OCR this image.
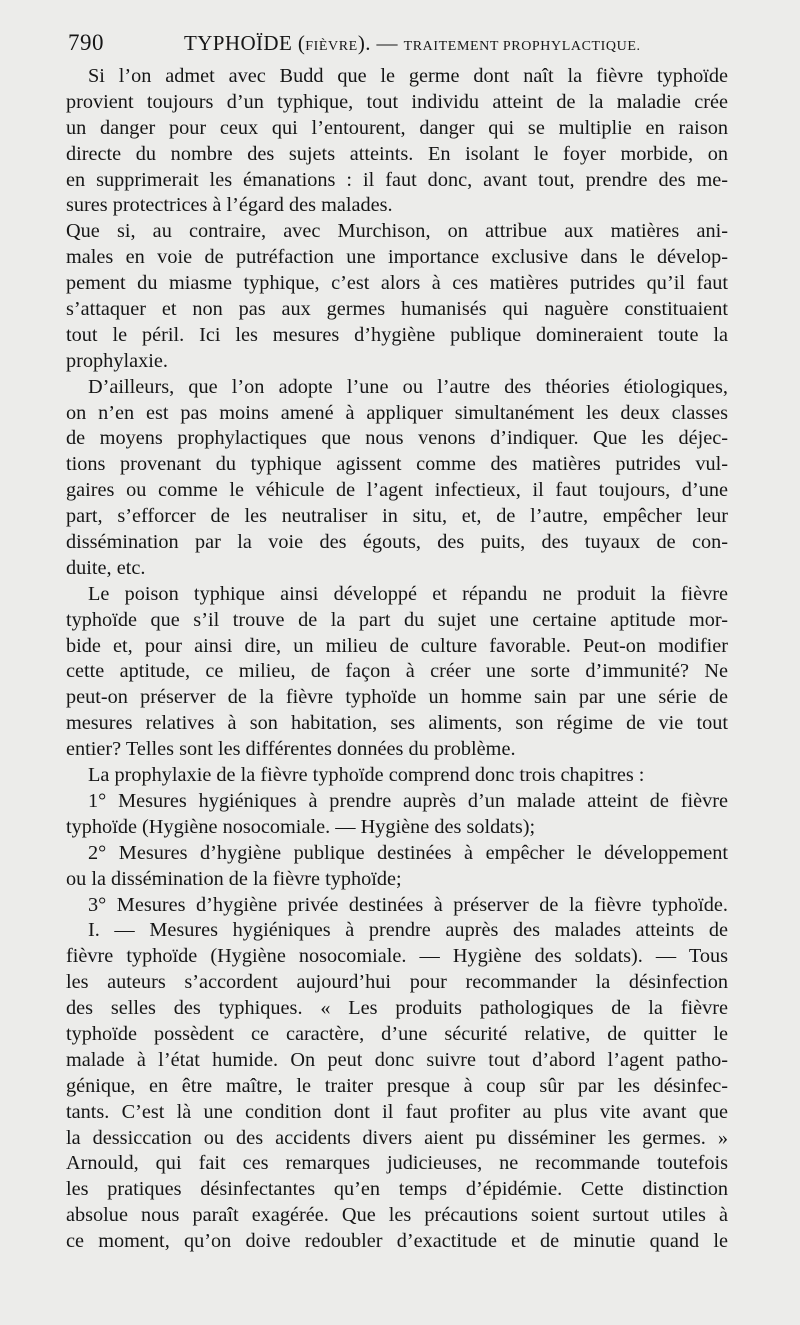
790	TYPHOÏDE (FIÈVRE). — TRAITEMENT PROPHYLACTIQUE.
Si l’on admet avec Budd que le germe dont naît la fièvre typhoïde
provient toujours d’un typhique, tout individu atteint de la maladie crée
un danger pour ceux qui l’entourent, danger qui se multiplie en raison
directe du nombre des sujets atteints. En isolant le foyer morbide, on
en supprimerait les émanations : il faut donc, avant tout, prendre des me-
sures protectrices à l’égard des malades.
Que si, au contraire, avec Murchison, on attribue aux matières ani-
males en voie de putréfaction une importance exclusive dans le dévelop-
pement du miasme typhique, c’est alors à ces matières putrides qu’il faut
s’attaquer et non pas aux germes humanisés qui naguère constituaient
tout le péril. Ici les mesures d’hygiène publique domineraient toute la
prophylaxie.
D’ailleurs, que l’on adopte l’une ou l’autre des théories étiologiques,
on n’en est pas moins amené à appliquer simultanément les deux classes
de moyens prophylactiques que nous venons d’indiquer. Que les déjec-
tions provenant du typhique agissent comme des matières putrides vul-
gaires ou comme le véhicule de l’agent infectieux, il faut toujours, d’une
part, s’efforcer de les neutraliser in situ, et, de l’autre, empêcher leur
dissémination par la voie des égouts, des puits, des tuyaux de con-
duite, etc.
Le poison typhique ainsi développé et répandu ne produit la fièvre
typhoïde que s’il trouve de la part du sujet une certaine aptitude mor-
bide et, pour ainsi dire, un milieu de culture favorable. Peut-on modifier
cette aptitude, ce milieu, de façon à créer une sorte d’immunité? Ne
peut-on préserver de la fièvre typhoïde un homme sain par une série de
mesures relatives à son habitation, ses aliments, son régime de vie tout
entier? Telles sont les différentes données du problème.
La prophylaxie de la fièvre typhoïde comprend donc trois chapitres :
1° Mesures hygiéniques à prendre auprès d’un malade atteint de fièvre
typhoïde (Hygiène nosocomiale. — Hygiène des soldats);
2° Mesures d’hygiène publique destinées à empêcher le développement
ou la dissémination de la fièvre typhoïde;
3° Mesures d’hygiène privée destinées à préserver de la fièvre typhoïde.
I. — Mesures hygiéniques à prendre auprès des malades atteints de
fièvre typhoïde (Hygiène nosocomiale. — Hygiène des soldats). — Tous
les auteurs s’accordent aujourd’hui pour recommander la désinfection
des selles des typhiques. « Les produits pathologiques de la fièvre
typhoïde possèdent ce caractère, d’une sécurité relative, de quitter le
malade à l’état humide. On peut donc suivre tout d’abord l’agent patho-
génique, en être maître, le traiter presque à coup sûr par les désinfec-
tants. C’est là une condition dont il faut profiter au plus vite avant que
la dessiccation ou des accidents divers aient pu disséminer les germes. »
Arnould, qui fait ces remarques judicieuses, ne recommande toutefois
les pratiques désinfectantes qu’en temps d’épidémie. Cette distinction
absolue nous paraît exagérée. Que les précautions soient surtout utiles à
ce moment, qu’on doive redoubler d’exactitude et de minutie quand le
